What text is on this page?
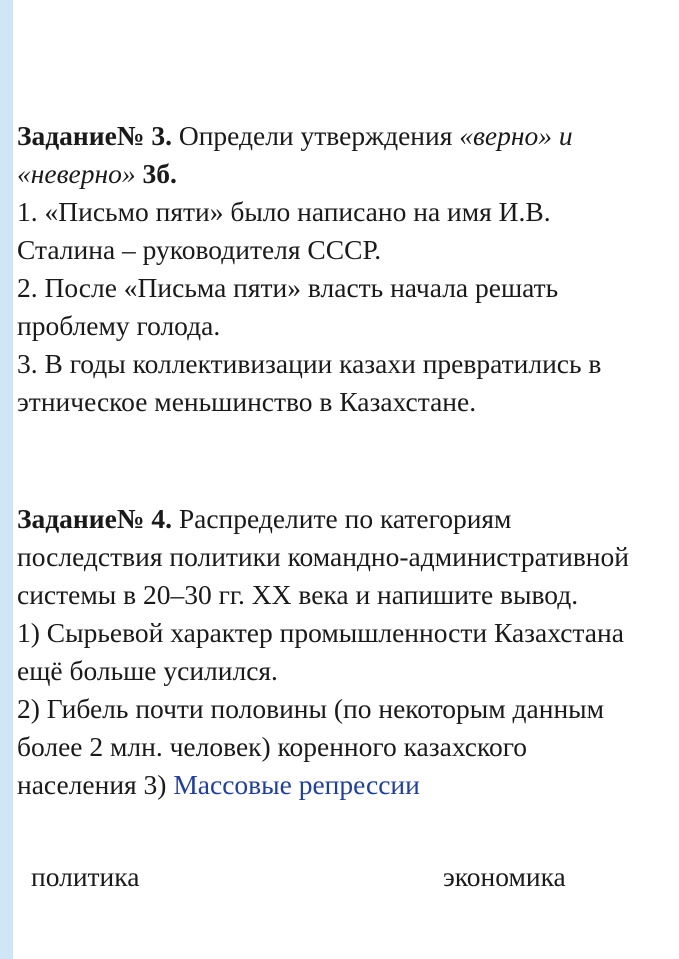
Задание№ 3. Определи утверждения «верно» и
«неверно» 3б.
1. «Письмо пяти» было написано на имя И.В.
Сталина – руководителя СССР.
2. После «Письма пяти» власть начала решать
проблему голода.
3. В годы коллективизации казахи превратились в
этническое меньшинство в Казахстане.
Задание№ 4. Распределите по категориям
последствия политики командно-административной
системы в 20–30 гг. XX века и напишите вывод.
1) Сырьевой характер промышленности Казахстана
ещё больше усилился.
2) Гибель почти половины (по некоторым данным
более 2 млн. человек) коренного казахского
населения 3) Массовые репрессии
политика	экономика
